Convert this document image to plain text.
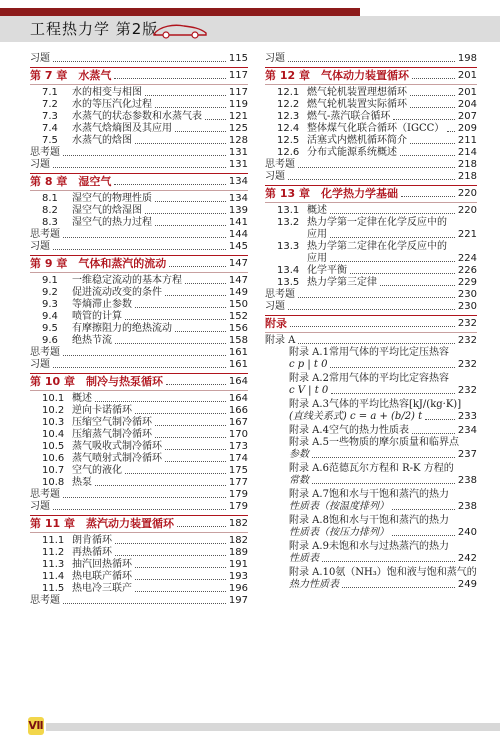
工程热力学 第2版
习题	115
第 7 章　水蒸气	117
7.1	水的相变与相图	117
7.2	水的等压汽化过程	119
7.3	水蒸气的状态参数和水蒸气表	121
7.4	水蒸气焓熵图及其应用	125
7.5	水蒸气的焓图	128
思考题	131
习题	131
第 8 章　湿空气	134
8.1	湿空气的物理性质	134
8.2	湿空气的焓湿图	139
8.3	湿空气的热力过程	141
思考题	144
习题	145
第 9 章　气体和蒸汽的流动	147
9.1	一维稳定流动的基本方程	147
9.2	促进流动改变的条件	149
9.3	等熵滞止参数	150
9.4	喷管的计算	152
9.5	有摩擦阻力的绝热流动	156
9.6	绝热节流	158
思考题	161
习题	161
第 10 章　制冷与热泵循环	164
10.1 概述	164
10.2 逆向卡诺循环	166
10.3 压缩空气制冷循环	167
10.4 压缩蒸气制冷循环	170
10.5 蒸气吸收式制冷循环	173
10.6 蒸气喷射式制冷循环	174
10.7 空气的液化	175
10.8 热泵	177
思考题	179
习题	179
第 11 章　蒸汽动力装置循环	182
11.1 朗肯循环	182
11.2 再热循环	189
11.3 抽汽回热循环	191
11.4 热电联产循环	193
11.5 热电冷三联产	196
思考题	197
习题	198
第 12 章　气体动力装置循环	201
12.1 燃气轮机装置理想循环	201
12.2 燃气轮机装置实际循环	204
12.3 燃气-蒸汽联合循环	207
12.4 整体煤气化联合循环（IGCC） 209
12.5 活塞式内燃机循环简介	211
12.6 分布式能源系统概述	214
思考题	218
习题	218
第 13 章　化学热力学基础	220
13.1 概述	220
13.2 热力学第一定律在化学反应中的
应用	221
13.3 热力学第二定律在化学反应中的
应用	224
13.4 化学平衡	226
13.5 热力学第三定律	229
思考题	230
习题	230
附录	232
附录 A	232
附录 A.1 常用气体的平均比定压热容
c p | t 0	232
附录 A.2 常用气体的平均比定容热容
c V | t 0	232
附录 A.3 气体的平均比热容[kJ/(kg·K)]
(直线关系式) c = a + (b/2) t	233
附录 A.4 空气的热力性质表	234
附录 A.5 一些物质的摩尔质量和临界点
参数	237
附录 A.6 范德瓦尔方程和 R-K 方程的
常数	238
附录 A.7 饱和水与干饱和蒸汽的热力
性质表（按温度排列）	238
附录 A.8 饱和水与干饱和蒸汽的热力
性质表（按压力排列）	240
附录 A.9 未饱和水与过热蒸汽的热力
性质表	242
附录 A.10 氨（NH₃）饱和液与饱和蒸气的
热力性质表	249
Ⅶ
